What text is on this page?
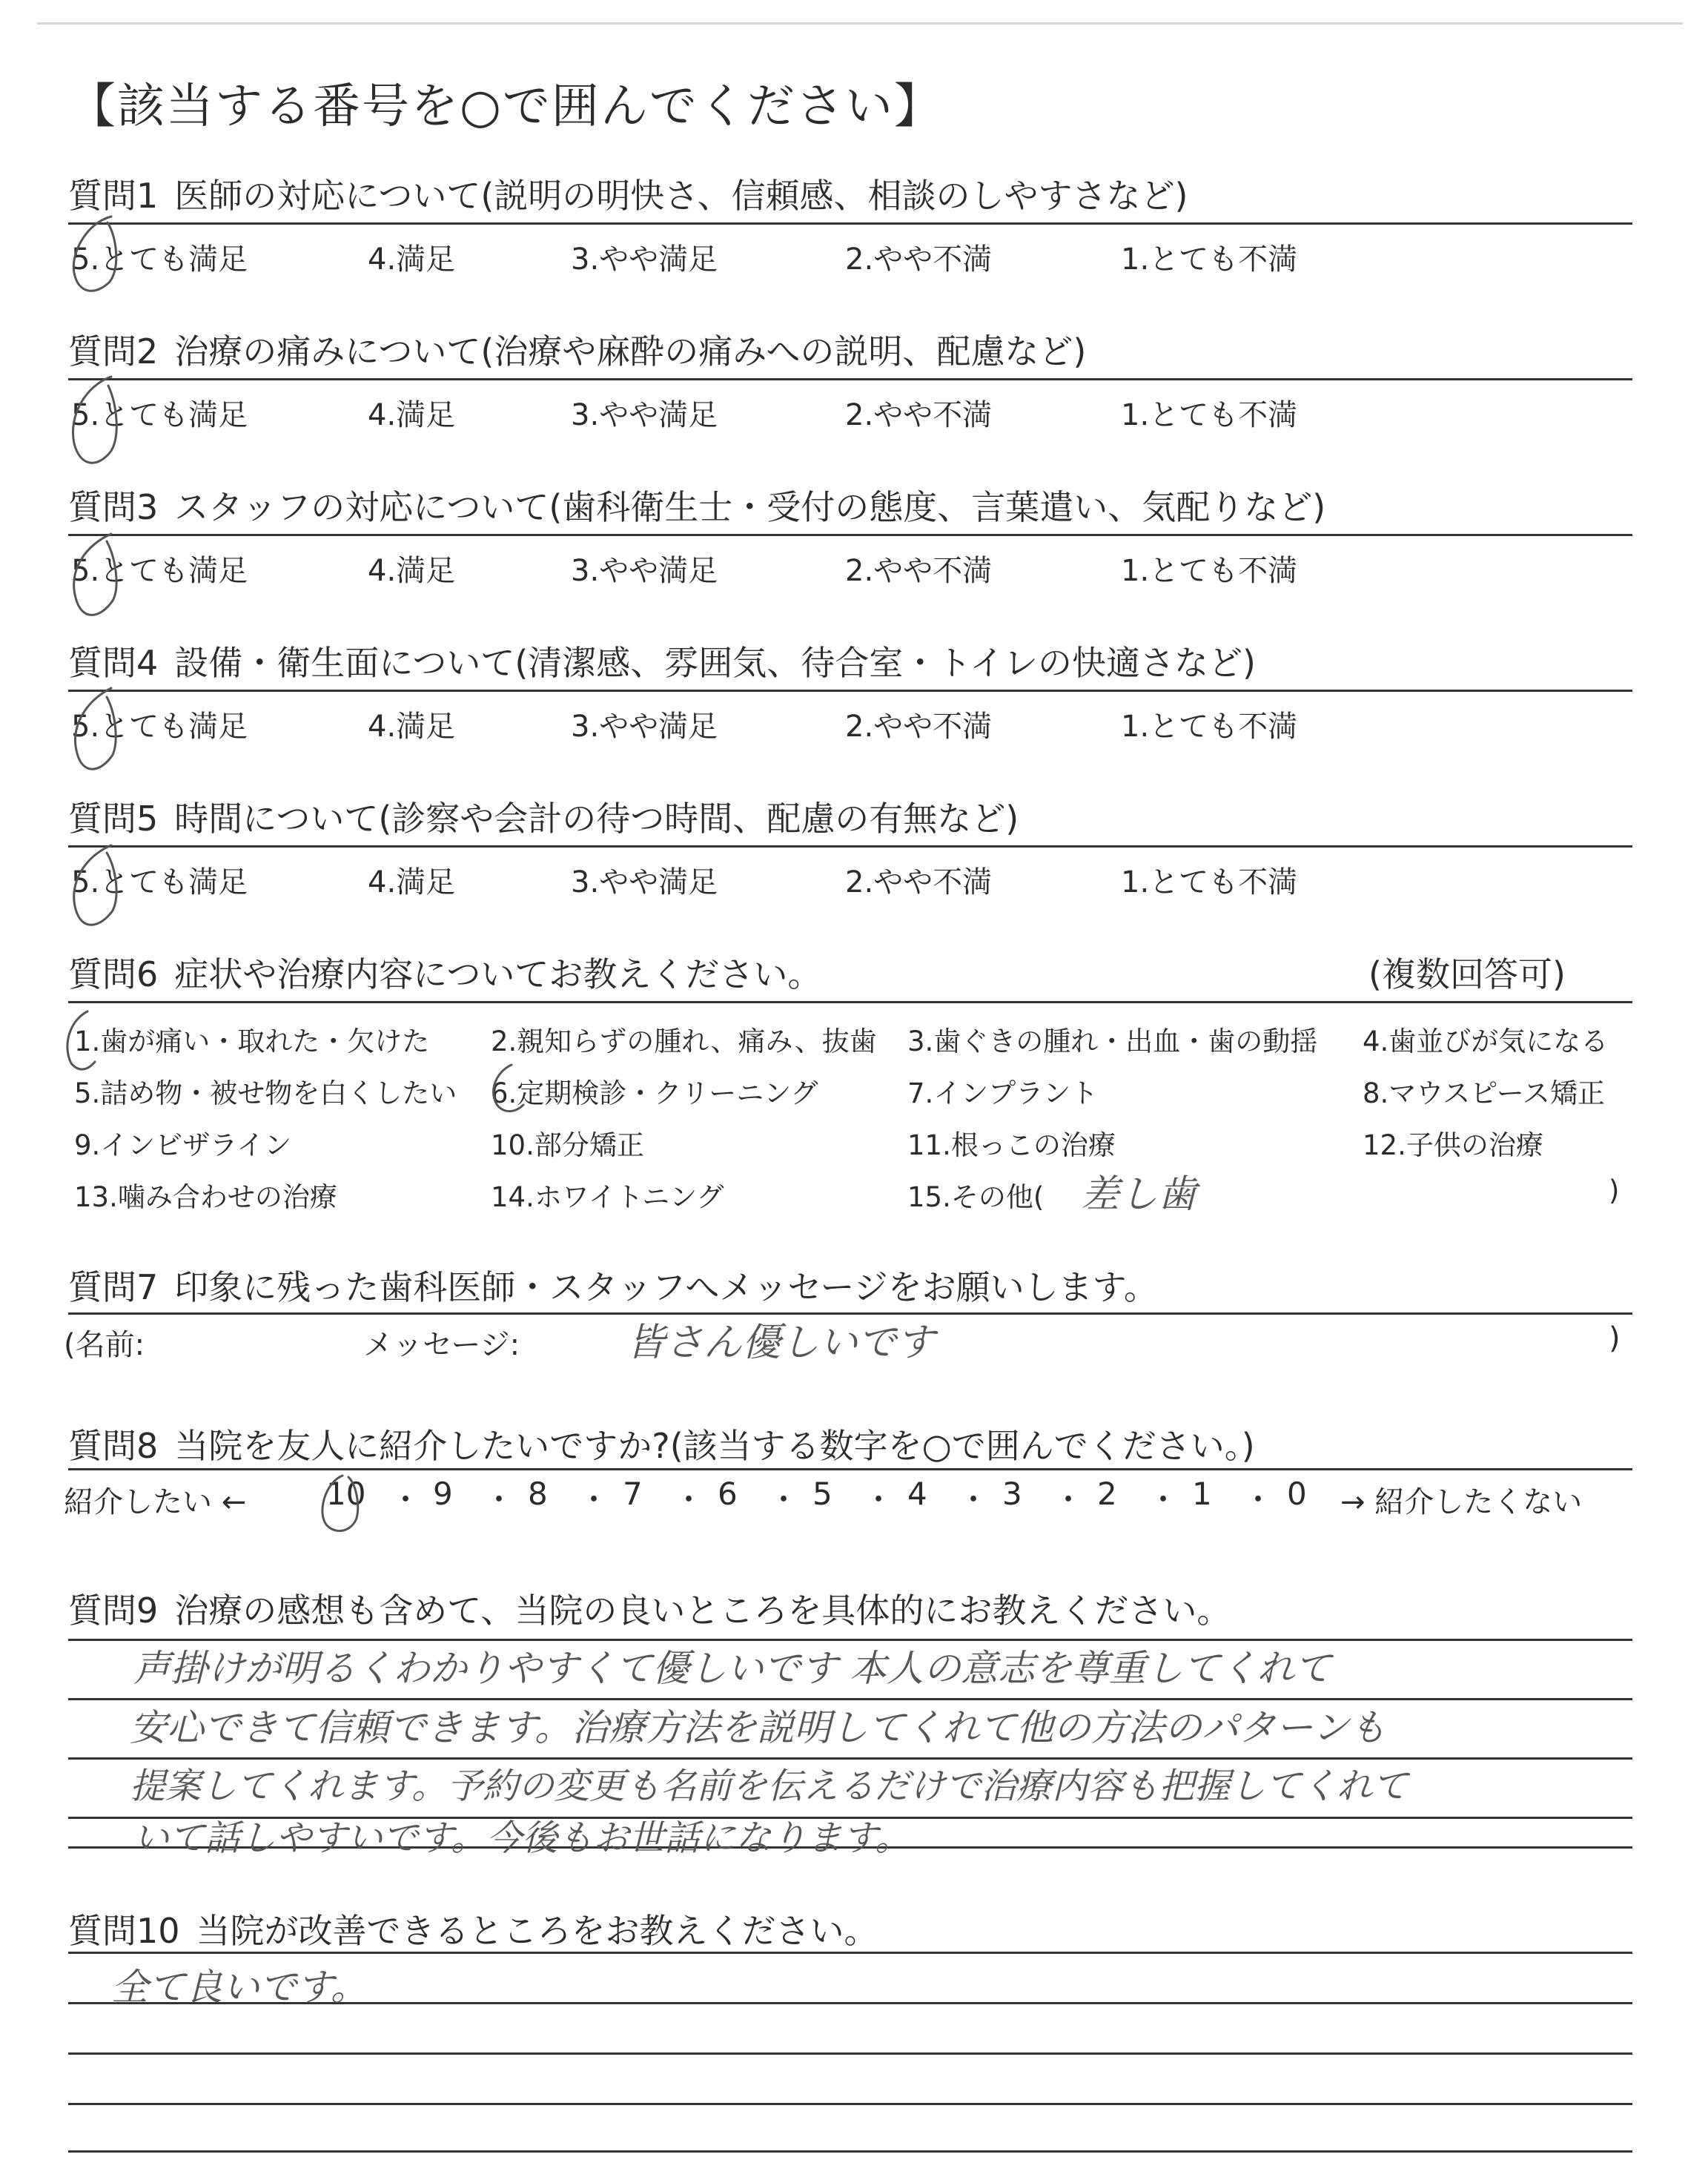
【該当する番号を○で囲んでください】
質問1 医師の対応について(説明の明快さ、信頼感、相談のしやすさなど)
5.とても満足	4.満足	3.やや満足	2.やや不満	1.とても不満
質問2 治療の痛みについて(治療や麻酔の痛みへの説明、配慮など)
5.とても満足	4.満足	3.やや満足	2.やや不満	1.とても不満
質問3 スタッフの対応について(歯科衛生士・受付の態度、言葉遣い、気配りなど)
5.とても満足	4.満足	3.やや満足	2.やや不満	1.とても不満
質問4 設備・衛生面について(清潔感、雰囲気、待合室・トイレの快適さなど)
5.とても満足	4.満足	3.やや満足	2.やや不満	1.とても不満
質問5 時間について(診察や会計の待つ時間、配慮の有無など)
5.とても満足	4.満足	3.やや満足	2.やや不満	1.とても不満
質問6 症状や治療内容についてお教えください。	(複数回答可)
1.歯が痛い・取れた・欠けた 2.親知らずの腫れ、痛み、抜歯 3.歯ぐきの腫れ・出血・歯の動揺 4.歯並びが気になる
5.詰め物・被せ物を白くしたい 6.定期検診・クリーニング	7.インプラント	8.マウスピース矯正
9.インビザライン	10.部分矯正	11.根っこの治療	12.子供の治療
13.噛み合わせの治療	14.ホワイトニング	15.その他( 差し歯	)
質問7 印象に残った歯科医師・スタッフへメッセージをお願いします。
(名前:	メッセージ:	皆さん優しいです	)
質問8 当院を友人に紹介したいですか?(該当する数字を○で囲んでください。)
紹介したい ←	10 ・ 9 ・ 8 ・ 7 ・ 6 ・ 5 ・ 4 ・ 3 ・ 2 ・ 1 ・ 0 → 紹介したくない
質問9 治療の感想も含めて、当院の良いところを具体的にお教えください。
声掛けが明るくわかりやすくて優しいです 本人の意志を尊重してくれて
安心できて信頼できます。治療方法を説明してくれて他の方法のパターンも
提案してくれます。予約の変更も名前を伝えるだけで治療内容も把握してくれて
いて話しやすいです。今後もお世話になります。
質問10 当院が改善できるところをお教えください。
全て良いです。
